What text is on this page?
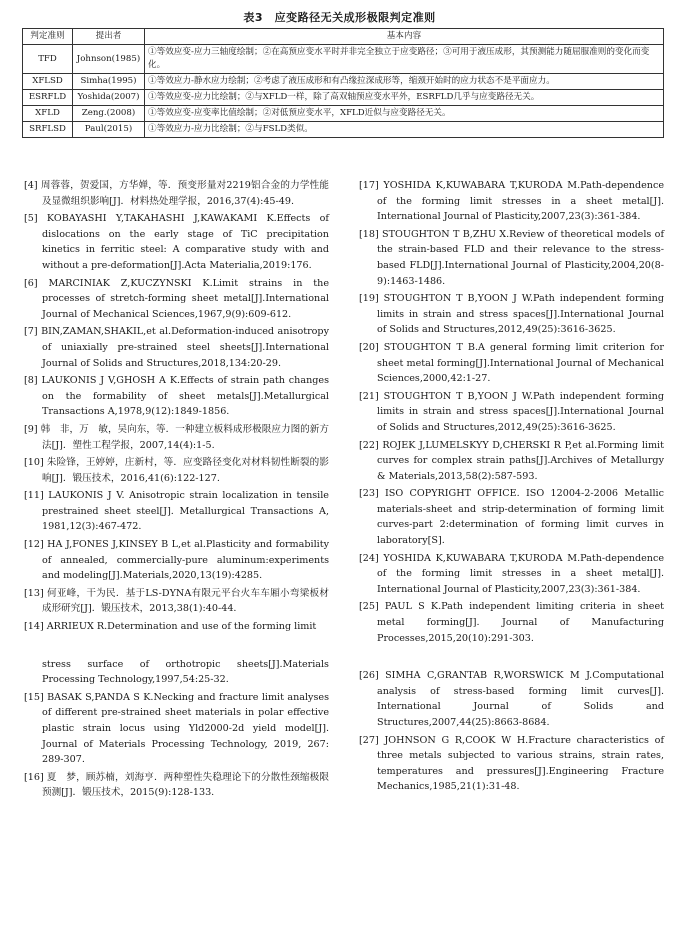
表3　应变路径无关成形极限判定准则
判定准则	提出者	基本内容
TFD	Johnson(1985)	①等效应变-应力三轴度绘制；②在高预应变水平时并非完全独立于应变路径；③可用于液压成形，其预测能力随屈服准则的变化而变化。
XFLSD	Simha(1995)	①等效应力-静水应力绘制；②考虑了液压成形和有凸缘拉深成形等，缩颈开始时的应力状态不是平面应力。
ESRFLD	Yoshida(2007)	①等效应变-应力比绘制；②与XFLD一样，除了高双轴预应变水平外，ESRFLD几乎与应变路径无关。
XFLD	Zeng.(2008)	①等效应变-应变率比值绘制；②对低预应变水平，XFLD近似与应变路径无关。
SRFLSD	Paul(2015)	①等效应力-应力比绘制；②与FSLD类似。
[4] 周蓉蓉，贺爱国，方华婵，等．预变形量对2219铝合金的力学性能及显微组织影响[J]．材料热处理学报，2016,37(4):45-49.
[5] KOBAYASHI Y,TAKAHASHI J,KAWAKAMI K.Effects of dislocations on the early stage of TiC precipitation kinetics in ferritic steel: A comparative study with and without a pre-deformation[J].Acta Materialia,2019:176.
[6] MARCINIAK Z,KUCZYNSKI K.Limit strains in the processes of stretch-forming sheet metal[J].International Journal of Mechanical Sciences,1967,9(9):609-612.
[7] BIN,ZAMAN,SHAKIL,et al.Deformation-induced anisotropy of uniaxially pre-strained steel sheets[J].International Journal of Solids and Structures,2018,134:20-29.
[8] LAUKONIS J V,GHOSH A K.Effects of strain path changes on the formability of sheet metals[J].Metallurgical Transactions A,1978,9(12):1849-1856.
[9] 韩　非，万　敏，吴向东，等．一种建立板料成形极限应力图的新方法[J]．塑性工程学报，2007,14(4):1-5.
[10] 朱险锋，王婷婷，庄新村，等．应变路径变化对材料韧性断裂的影响[J]．锻压技术，2016,41(6):122-127.
[11] LAUKONIS J V. Anisotropic strain localization in tensile prestrained sheet steel[J]. Metallurgical Transactions A, 1981,12(3):467-472.
[12] HA J,FONES J,KINSEY B L,et al.Plasticity and formability of annealed, commercially-pure aluminum:experiments and modeling[J].Materials,2020,13(19):4285.
[13] 何亚峰，干为民．基于LS-DYNA有限元平台火车车厢小弯梁板材成形研究[J]．锻压技术，2013,38(1):40-44.
[14] ARRIEUX R.Determination and use of the forming limit
stress surface of orthotropic sheets[J].Materials Processing Technology,1997,54:25-32.
[15] BASAK S,PANDA S K.Necking and fracture limit analyses of different pre-strained sheet materials in polar effective plastic strain locus using Yld2000-2d yield model[J]. Journal of Materials Processing Technology, 2019, 267: 289-307.
[16] 夏　梦，顾苏楠，刘海亨．两种塑性失稳理论下的分散性颈缩极限预测[J]．锻压技术，2015(9):128-133.
[17] YOSHIDA K,KUWABARA T,KURODA M.Path-dependence of the forming limit stresses in a sheet metal[J]. International Journal of Plasticity,2007,23(3):361-384.
[18] STOUGHTON T B,ZHU X.Review of theoretical models of the strain-based FLD and their relevance to the stress-based FLD[J].International Journal of Plasticity,2004,20(8-9):1463-1486.
[19] STOUGHTON T B,YOON J W.Path independent forming limits in strain and stress spaces[J].International Journal of Solids and Structures,2012,49(25):3616-3625.
[20] STOUGHTON T B.A general forming limit criterion for sheet metal forming[J].International Journal of Mechanical Sciences,2000,42:1-27.
[21] STOUGHTON T B,YOON J W.Path independent forming limits in strain and stress spaces[J].International Journal of Solids and Structures,2012,49(25):3616-3625.
[22] ROJEK J,LUMELSKYY D,CHERSKI R P,et al.Forming limit curves for complex strain paths[J].Archives of Metallurgy & Materials,2013,58(2):587-593.
[23] ISO COPYRIGHT OFFICE. ISO 12004-2-2006 Metallic materials-sheet and strip-determination of forming limit curves-part 2:determination of forming limit curves in laboratory[S].
[24] YOSHIDA K,KUWABARA T,KURODA M.Path-dependence of the forming limit stresses in a sheet metal[J]. International Journal of Plasticity,2007,23(3):361-384.
[25] PAUL S K.Path independent limiting criteria in sheet metal forming[J]. Journal of Manufacturing Processes,2015,20(10):291-303.
[26] SIMHA C,GRANTAB R,WORSWICK M J.Computational analysis of stress-based forming limit curves[J]. International Journal of Solids and Structures,2007,44(25):8663-8684.
[27] JOHNSON G R,COOK W H.Fracture characteristics of three metals subjected to various strains, strain rates, temperatures and pressures[J].Engineering Fracture Mechanics,1985,21(1):31-48.
